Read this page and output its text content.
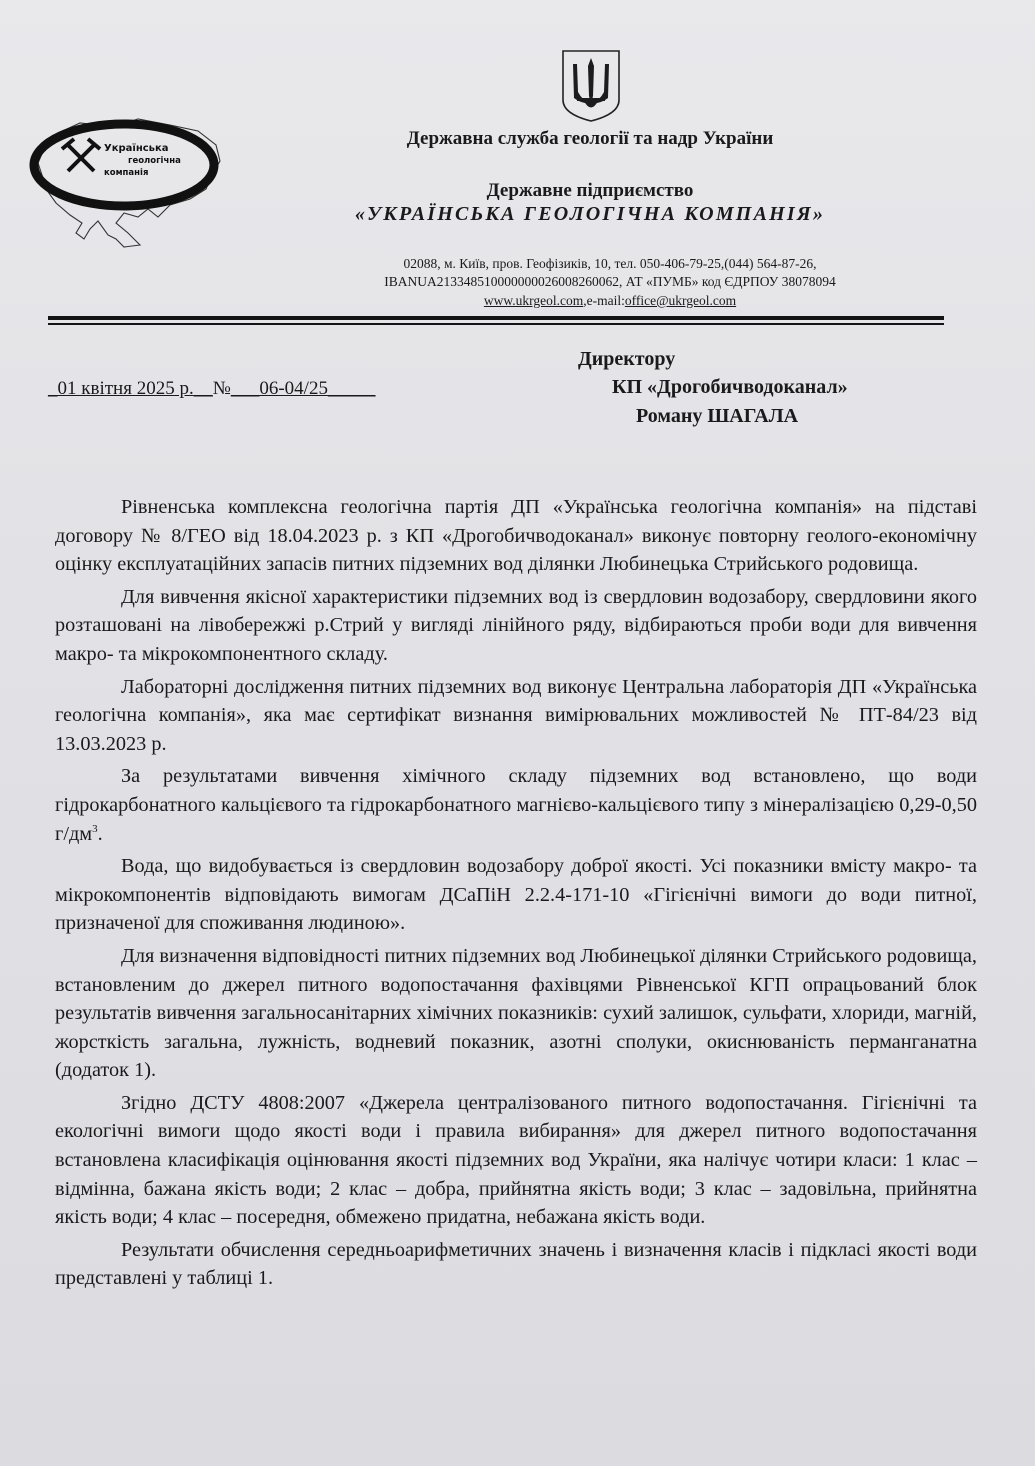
Українська
геологічна
компанія
Державна служба геології та надр України
Державне підприємство
«УКРАЇНСЬКА ГЕОЛОГІЧНА КОМПАНІЯ»
02088, м. Київ, пров. Геофізиків, 10, тел. 050-406-79-25,(044) 564-87-26,
IBANUA213348510000000026008260062, АТ «ПУМБ» код ЄДРПОУ 38078094
www.ukrgeol.com,e-mail:office@ukrgeol.com
_01 квітня 2025 р.__№___06-04/25_____
Директору
КП «Дрогобичводоканал»
Роману ШАГАЛА

Рівненська комплексна геологічна партія ДП «Українська геологічна компанія» на підставі договору № 8/ГЕО від 18.04.2023 р. з КП «Дрогобичводоканал» виконує повторну геолого-економічну оцінку експлуатаційних запасів питних підземних вод ділянки Любинецька Стрийського родовища.

Для вивчення якісної характеристики підземних вод із свердловин водозабору, свердловини якого розташовані на лівобережжі р.Стрий у вигляді лінійного ряду, відбираються проби води для вивчення макро- та мікрокомпонентного складу.

Лабораторні дослідження питних підземних вод виконує Центральна лабораторія ДП «Українська геологічна компанія», яка має сертифікат визнання вимірювальних можливостей № ПТ-84/23 від 13.03.2023 р.

За результатами вивчення хімічного складу підземних вод встановлено, що води гідрокарбонатного кальцієвого та гідрокарбонатного магнієво-кальцієвого типу з мінералізацією 0,29-0,50 $г/дм^3$.

Вода, що видобувається із свердловин водозабору доброї якості. Усі показники вмісту макро- та мікрокомпонентів відповідають вимогам ДСаПіН 2.2.4-171-10 «Гігієнічні вимоги до води питної, призначеної для споживання людиною».

Для визначення відповідності питних підземних вод Любинецької ділянки Стрийського родовища, встановленим до джерел питного водопостачання фахівцями Рівненської КГП опрацьований блок результатів вивчення загальносанітарних хімічних показників: сухий залишок, сульфати, хлориди, магній, жорсткість загальна, лужність, водневий показник, азотні сполуки, окиснюваність перманганатна (додаток 1).

Згідно ДСТУ 4808:2007 «Джерела централізованого питного водопостачання. Гігієнічні та екологічні вимоги щодо якості води і правила вибирання» для джерел питного водопостачання встановлена класифікація оцінювання якості підземних вод України, яка налічує чотири класи: 1 клас – відмінна, бажана якість води; 2 клас – добра, прийнятна якість води; 3 клас – задовільна, прийнятна якість води; 4 клас – посередня, обмежено придатна, небажана якість води.

Результати обчислення середньоарифметичних значень і визначення класів і підкласі якості води представлені у таблиці 1.
